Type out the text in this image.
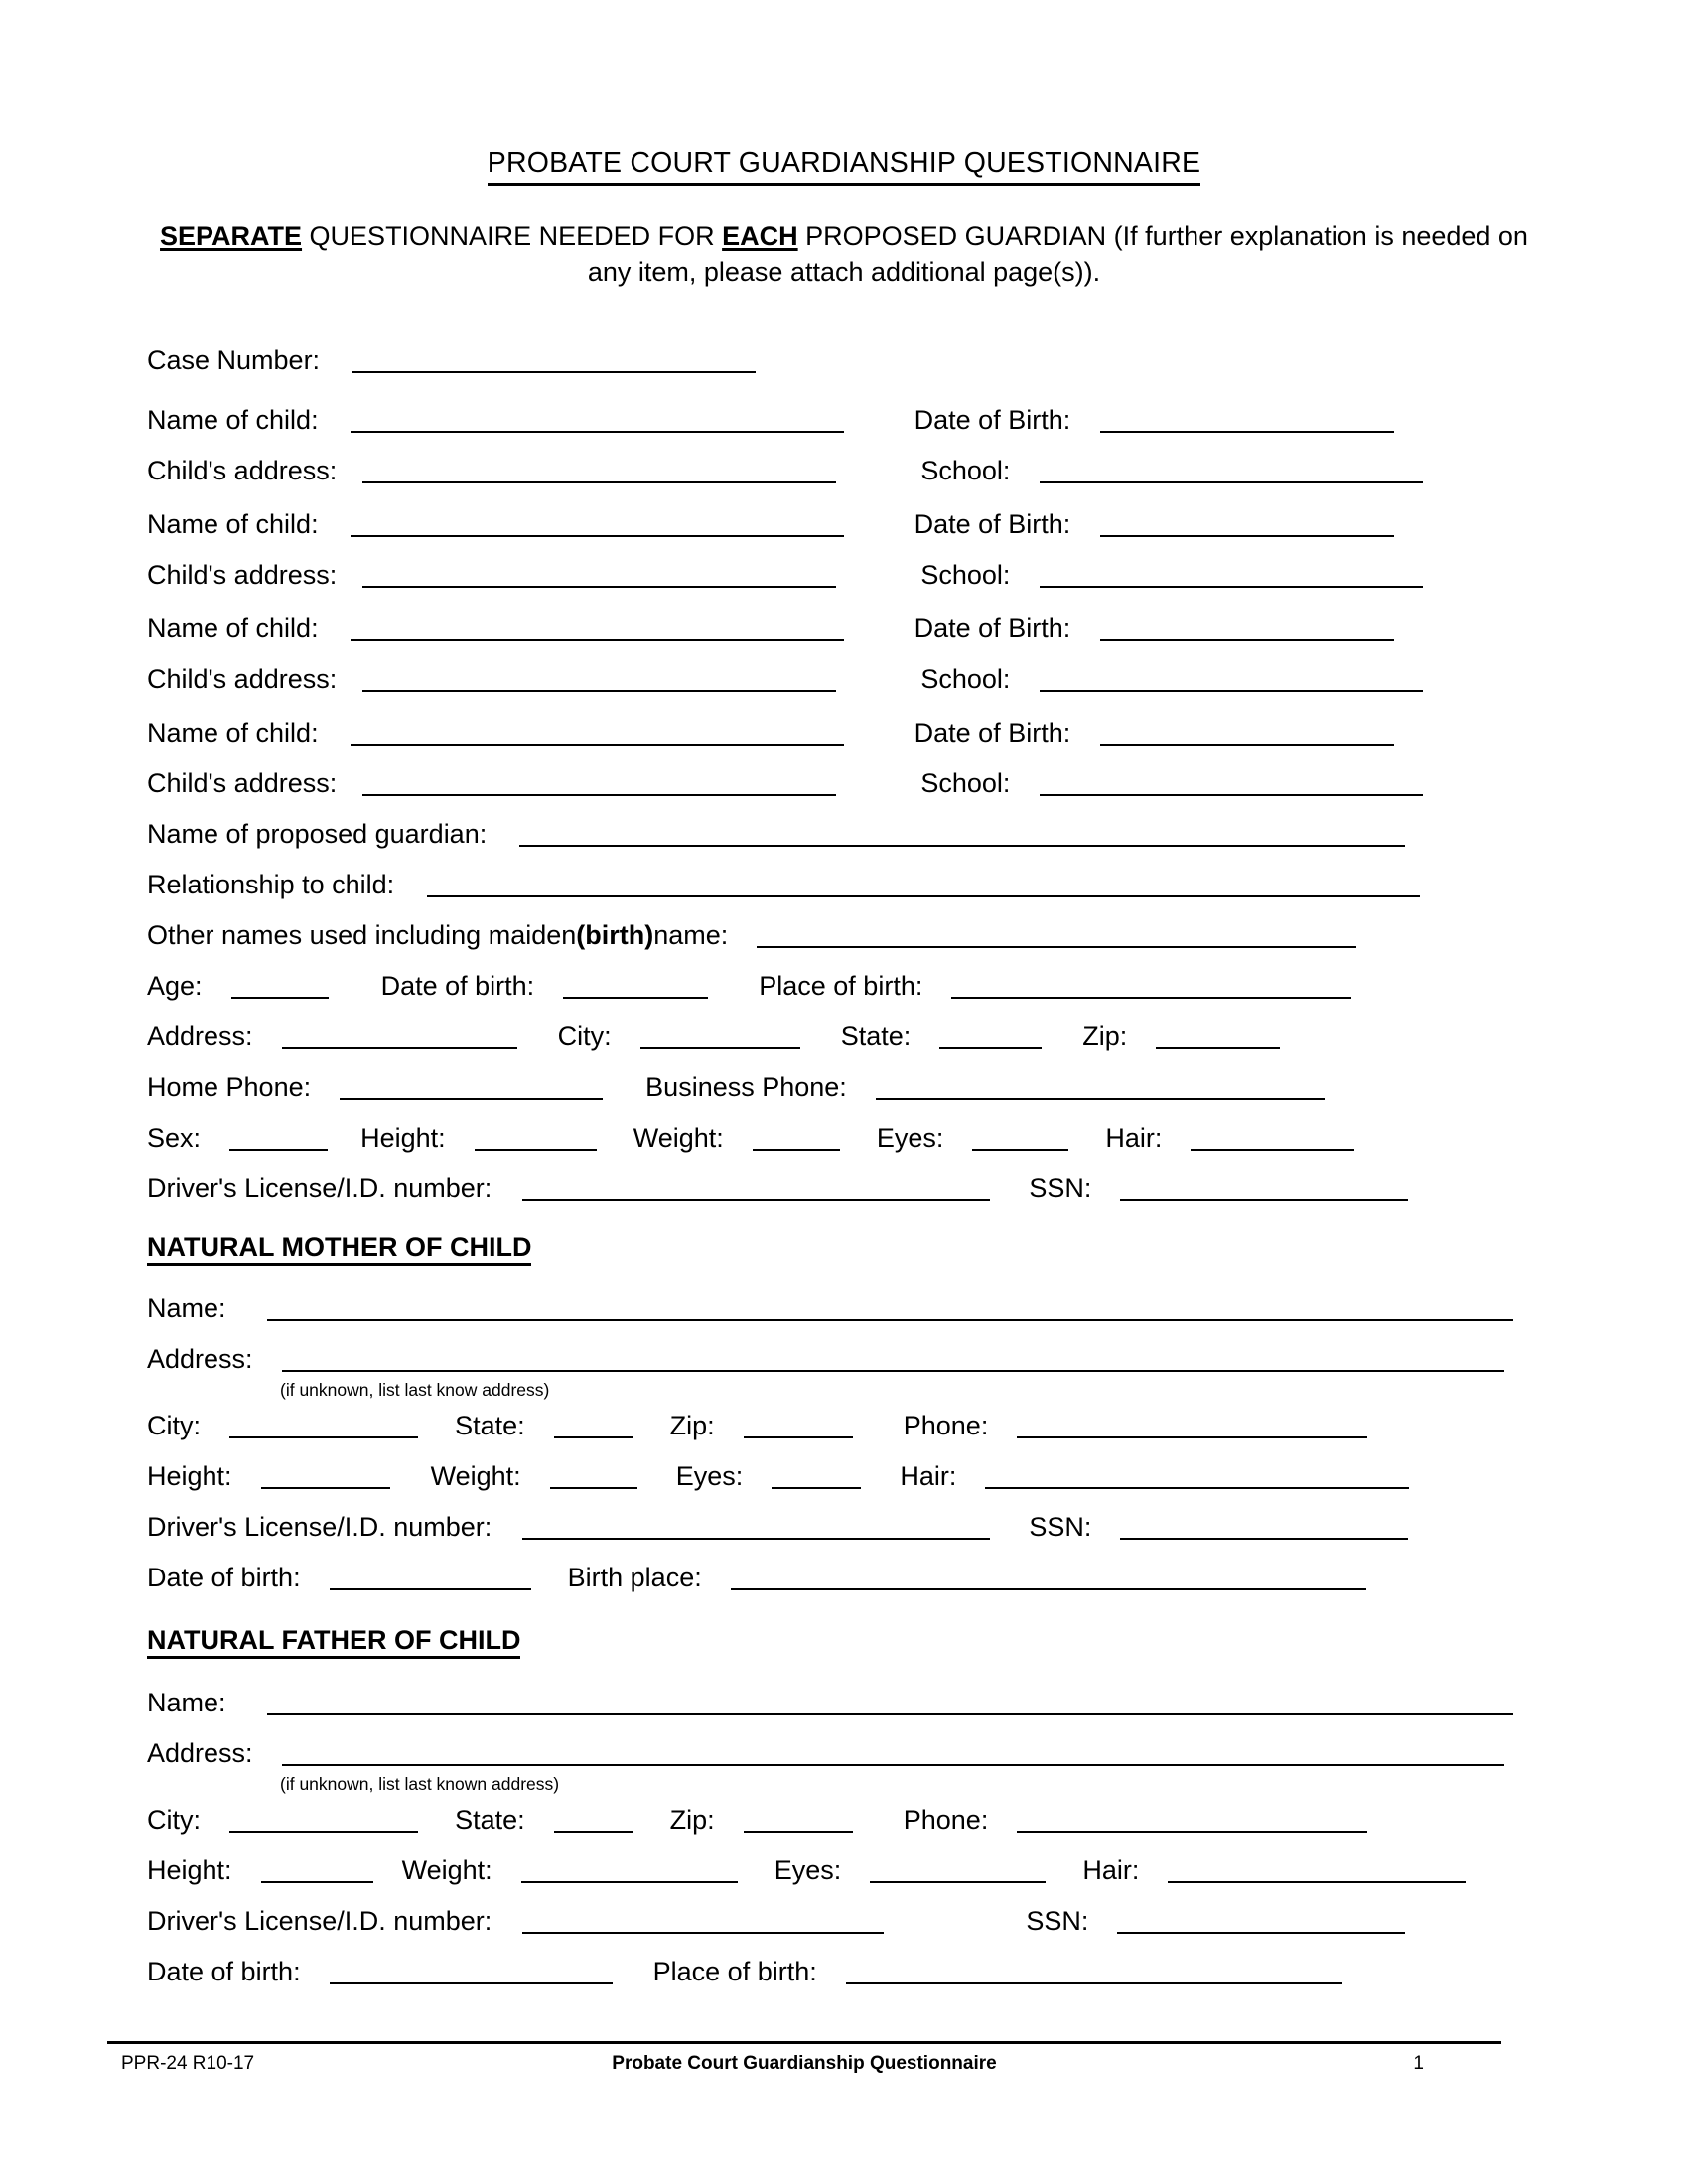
PROBATE COURT GUARDIANSHIP QUESTIONNAIRE
SEPARATE QUESTIONNAIRE NEEDED FOR EACH PROPOSED GUARDIAN (If further explanation is needed on any item, please attach additional page(s)).
Case Number:
Name of child:	Date of Birth:
Child's address:	School:
Name of child:	Date of Birth:
Child's address:	School:
Name of child:	Date of Birth:
Child's address:	School:
Name of child:	Date of Birth:
Child's address:	School:
Name of proposed guardian:
Relationship to child:
Other names used including maiden(birth)name:
Age:	Date of birth:	Place of birth:
Address:	City:	State:	Zip:
Home Phone:	Business Phone:
Sex:	Height:	Weight:	Eyes:	Hair:
Driver's License/I.D. number:	SSN:
NATURAL MOTHER OF CHILD
Name:
Address:
(if unknown, list last know address)
City:	State:	Zip:	Phone:
Height:	Weight:	Eyes:	Hair:
Driver's License/I.D. number:	SSN:
Date of birth:	Birth place:
NATURAL FATHER OF CHILD
Name:
Address:
(if unknown, list last known address)
City:	State:	Zip:	Phone:
Height:	Weight:	Eyes:	Hair:
Driver's License/I.D. number:	SSN:
Date of birth:	Place of birth:
PPR-24 R10-17	Probate Court Guardianship Questionnaire	1
